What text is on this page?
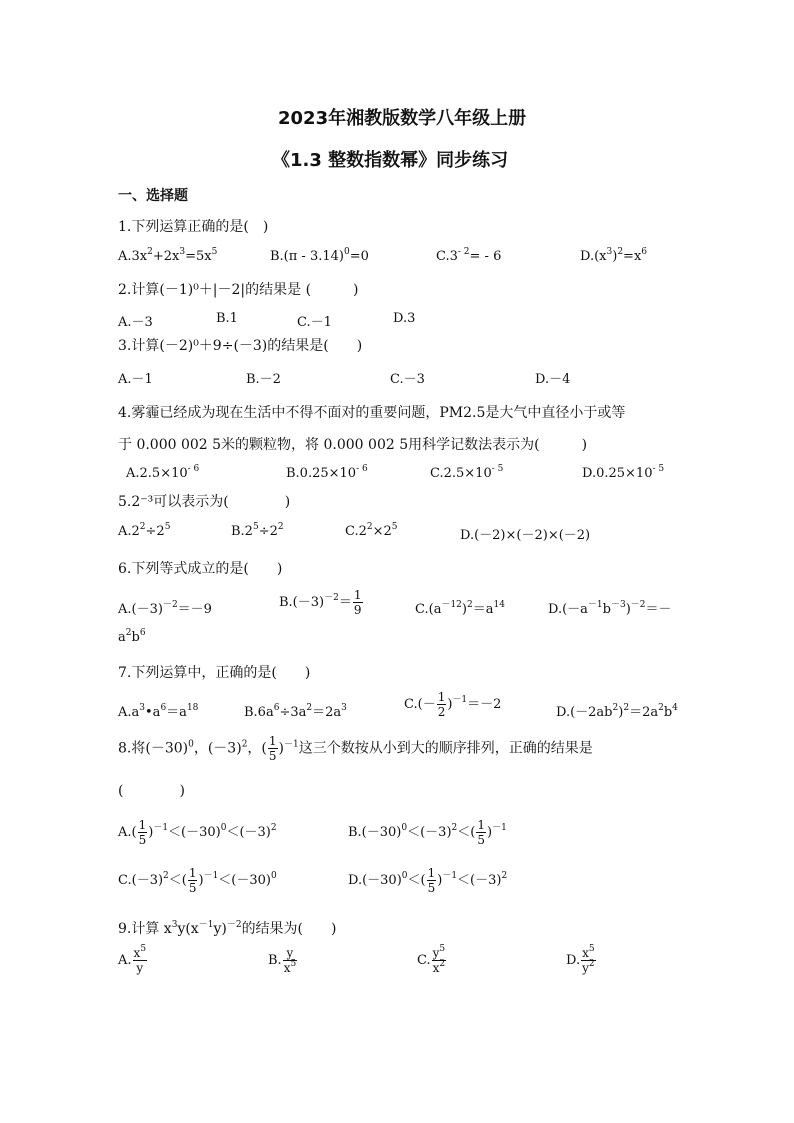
2023年湘教版数学八年级上册
《1.3 整数指数幂》同步练习
一、选择题
1.下列运算正确的是(　)
$A.3x^2+2x^3=5x^5$	B.(π - 3.14)$^0$=0	$C.3^{- 2}= - 6$	$D.(x^3)^2=x^6$
2.计算(－1)⁰＋|－2|的结果是 (　　　)
A.－3	B.1	C.－1	D.3
3.计算(－2)⁰＋9÷(－3)的结果是(　　)
A.－1	B.－2	C.－3	D.－4
4.雾霾已经成为现在生活中不得不面对的重要问题，PM2.5是大气中直径小于或等
于 0.000 002 5米的颗粒物，将 0.000 002 5用科学记数法表示为(　　　)
$A.2.5\times 10^{- 6}$	$B.0.25\times 10^{- 6}$	$C.2.5\times 10^{- 5}$	$D.0.25\times 10^{- 5}$
5.2⁻³可以表示为(　　　　)
$A.2^2\div 2^5$	$B.2^5\div 2^2$	$C.2^2\times 2^5$
D.(－2)×(－2)×(－2)
6.下列等式成立的是(　　)
$A.(-3)^{-2}=-9$	$B.(-3)^{-2}= \frac{1}{9}$	$C.(a^{-12})^2=a^{14}$	$D.(-a^{-1}b^{-3})^{-2}=-$
$a^2b^6$
7.下列运算中，正确的是(　　)
$A.a^3•a^6=a^{18}$	$B.6a^6\div 3a^2=2a^3$	$C.(- \frac{1}{2} )^{-1}=-2$
$D.(-2ab^2)^2=2a^2b^4$
8.将$(-30)^0$，$(-3)^2$，( $\frac{1}{5} )^{-1}$这三个数按从小到大的顺序排列，正确的结果是
(　　　　)
$A.( \frac{1}{5} )^{-1}<(-30)^0<(-3)^2$	$B.(-30)^0<(-3)^2<( \frac{1}{5} )^{-1}$
$C.(-3)^2<( \frac{1}{5} )^{-1}<(-30)^0$	$D.(-30)^0<( \frac{1}{5} )^{-1}<(-3)^2$
9.计算 $x^3y(x^{-1}y)^{-2}$的结果为(　　)
A. $\frac{x^5}{y}$	B. $\frac{y}{x^5}$	C. $\frac{y^5}{x^2}$	D. $\frac{x^5}{y^2}$
